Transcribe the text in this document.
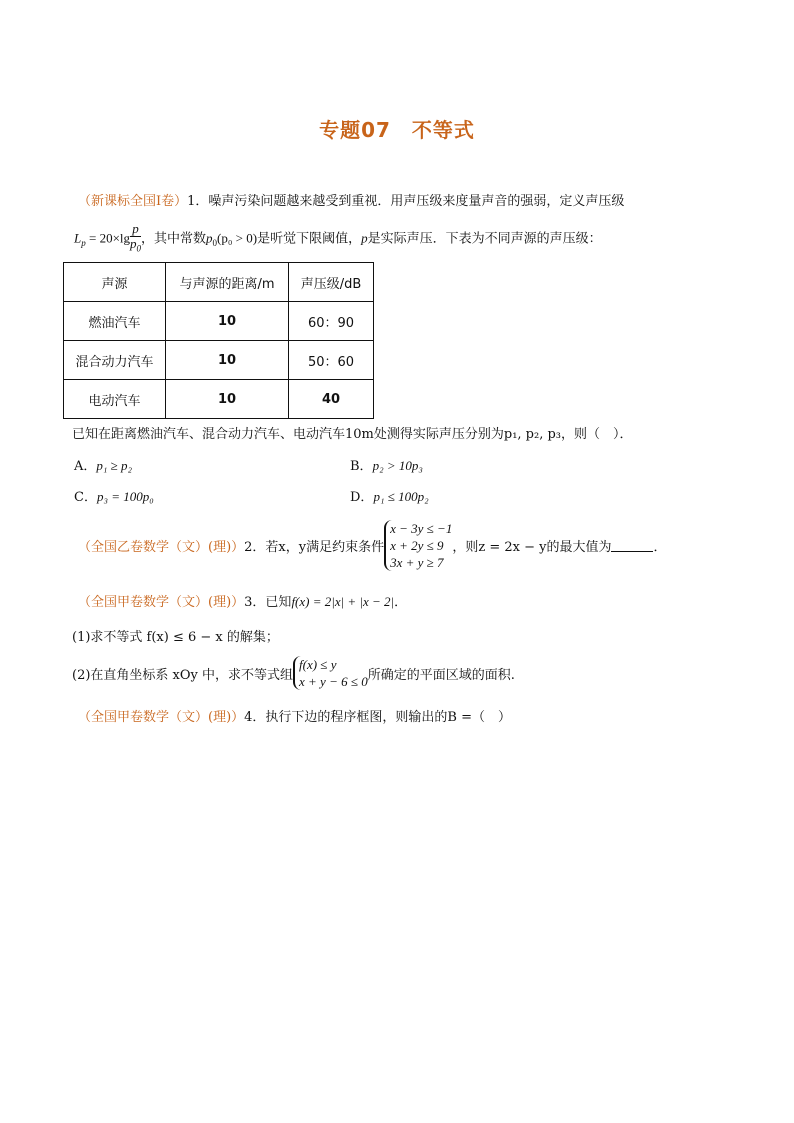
专题07　不等式
（新课标全国Ⅰ卷）1．噪声污染问题越来越受到重视．用声压级来度量声音的强弱，定义声压级
$L_p = 20\times\lg \frac{p}{p_0}$ ，其中常数$p_0(p_0 > 0)$是听觉下限阈值，p是实际声压．下表为不同声源的声压级：
声源	与声源的距离/m	声压级/dB
燃油汽车	10	60：90
混合动力汽车	10	50：60
电动汽车	10	40
已知在距离燃油汽车、混合动力汽车、电动汽车10m处测得实际声压分别为p₁, p₂, p₃，则（　）．
A．p₁ ≥ p₂	B．p₂ > 10p₃
C．p₃ = 100p₀	D．p₁ ≤ 100p₂
（全国乙卷数学（文）(理)） 2．若x，y满足约束条件
x − 3y ≤ −1
x + 2y ≤ 9
3x + y ≥ 7
，则z = 2x − y的最大值为	．
（全国甲卷数学（文）(理)）3．已知f(x) = 2|x| + |x − 2|．
(1)求不等式 f(x) ≤ 6 − x 的解集；
(2)在直角坐标系 xOy 中，求不等式组
f(x) ≤ y
x + y − 6 ≤ 0 所确定的平面区域的面积.
（全国甲卷数学（文）(理)）4．执行下边的程序框图，则输出的B =（　）
